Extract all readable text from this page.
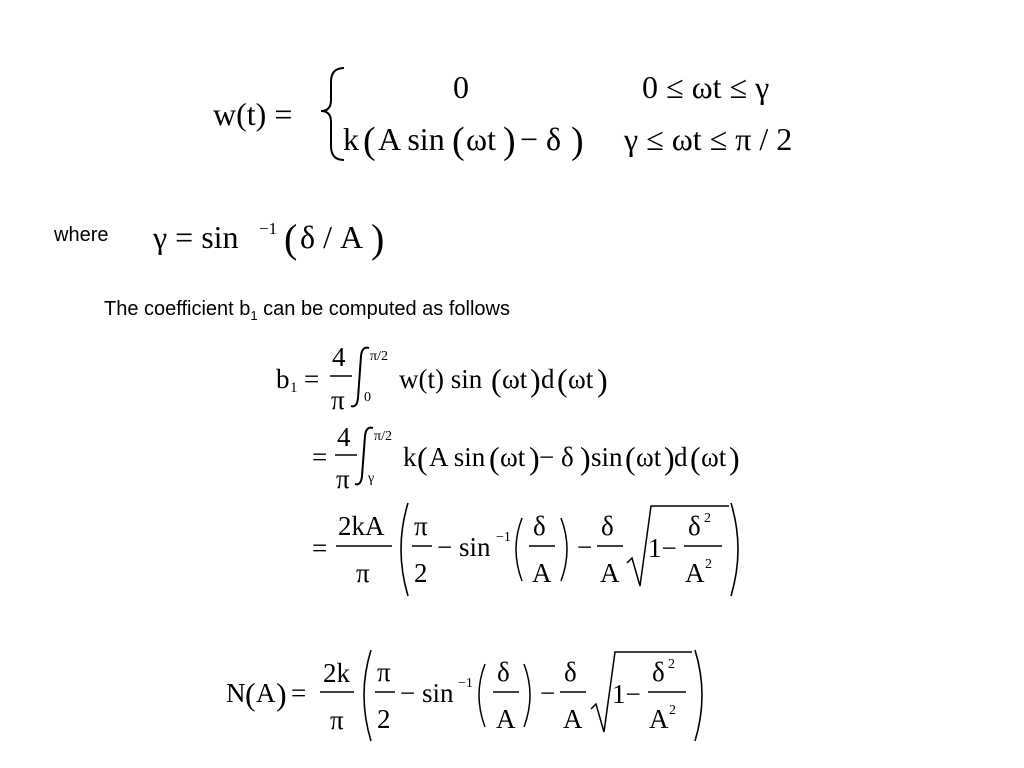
where
The coefficient $b_1$ can be computed as follows
w(t) =
0	0 ≤ ωt ≤ γ
k ( A sin ( ωt ) − δ ) γ ≤ ωt ≤ π / 2
γ = sin −1 ( δ / A )
b 1 =
4
π
π/2
0
w(t) sin ( ωt ) d ( ωt )
=
4
π
π/2
γ
k ( A sin ( ωt ) − δ ) sin ( ωt ) d ( ωt )
=
2kA
π
π
2
− sin −1 δ
A
−
δ
A
1−
δ 2
A 2
N ( A ) =
2k
π
π
2
− sin −1 δ
A
−
δ
A
1−
δ 2
A 2
